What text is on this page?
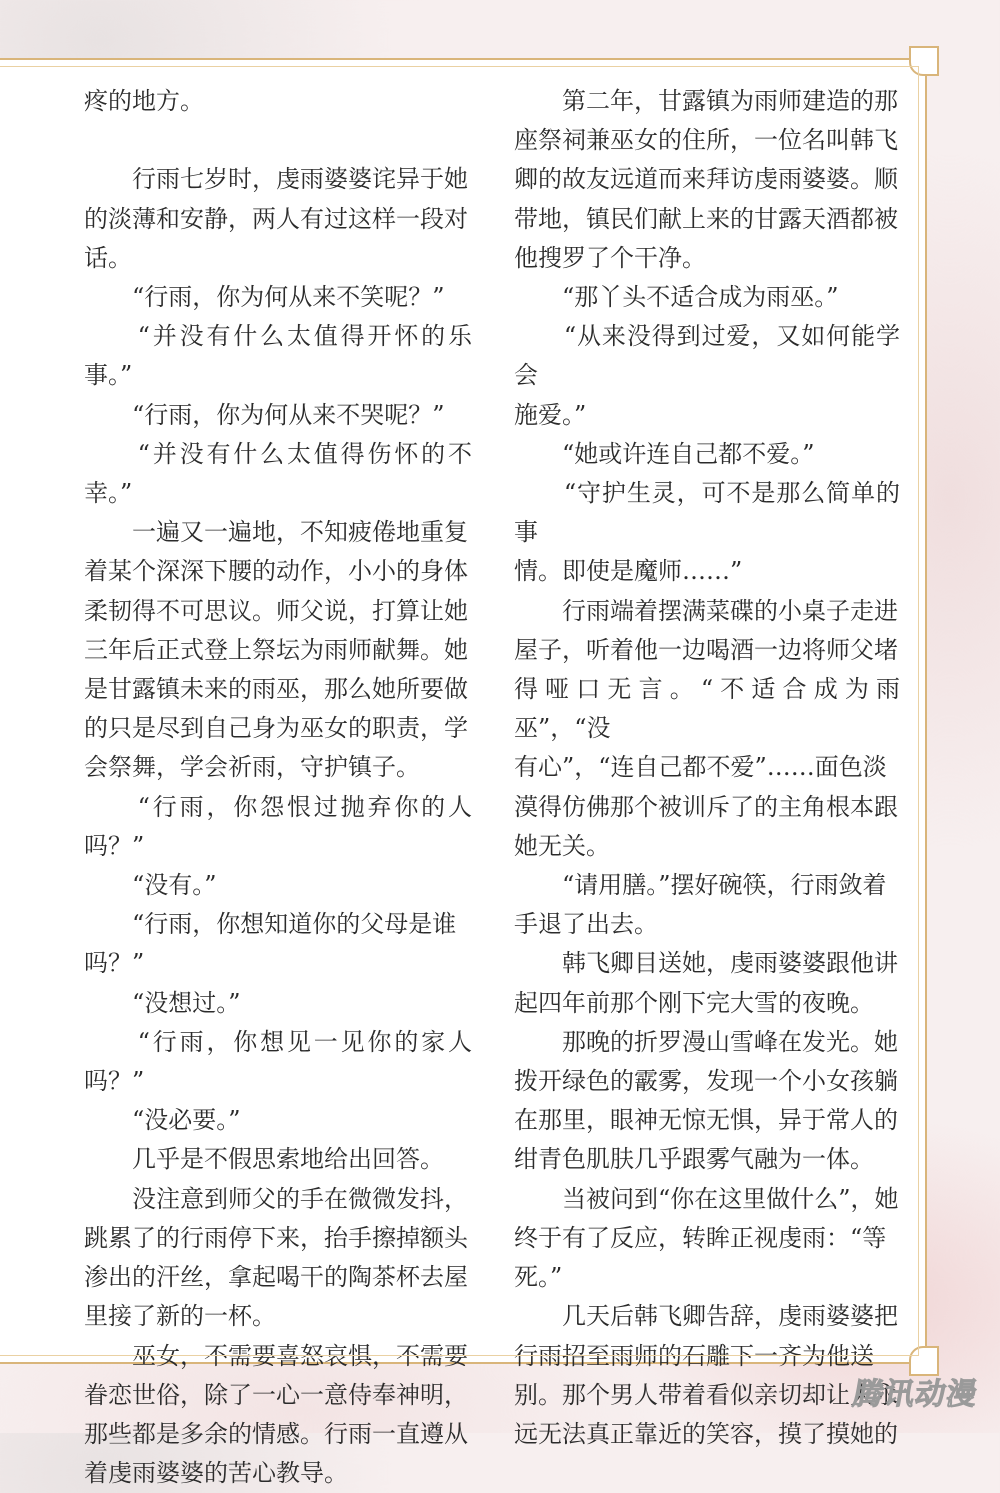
疼的地方。

　　行雨七岁时，虔雨婆婆诧异于她

的淡薄和安静，两人有过这样一段对

话。

　　“行雨，你为何从来不笑呢？”

　　“并没有什么太值得开怀的乐事。”

　　“行雨，你为何从来不哭呢？”

　　“并没有什么太值得伤怀的不幸。”

　　一遍又一遍地，不知疲倦地重复

着某个深深下腰的动作，小小的身体

柔韧得不可思议。师父说，打算让她

三年后正式登上祭坛为雨师献舞。她

是甘露镇未来的雨巫，那么她所要做

的只是尽到自己身为巫女的职责，学

会祭舞，学会祈雨，守护镇子。

　　“行雨，你怨恨过抛弃你的人吗？”

　　“没有。”

　　“行雨，你想知道你的父母是谁

吗？”

　　“没想过。”

　　“行雨，你想见一见你的家人吗？”

　　“没必要。”

　　几乎是不假思索地给出回答。

　　没注意到师父的手在微微发抖，

跳累了的行雨停下来，抬手擦掉额头

渗出的汗丝，拿起喝干的陶茶杯去屋

里接了新的一杯。

　　巫女，不需要喜怒哀惧，不需要

眷恋世俗，除了一心一意侍奉神明，

那些都是多余的情感。行雨一直遵从

着虔雨婆婆的苦心教导。

　　第二年，甘露镇为雨师建造的那

座祭祠兼巫女的住所，一位名叫韩飞

卿的故友远道而来拜访虔雨婆婆。顺

带地，镇民们献上来的甘露天酒都被

他搜罗了个干净。

　　“那丫头不适合成为雨巫。”

　　“从来没得到过爱，又如何能学会

施爱。”

　　“她或许连自己都不爱。”

　　“守护生灵，可不是那么简单的事

情。即使是魔师……”

　　行雨端着摆满菜碟的小桌子走进

屋子，听着他一边喝酒一边将师父堵

得哑口无言。“不适合成为雨巫”，“没

有心”，“连自己都不爱”……面色淡

漠得仿佛那个被训斥了的主角根本跟

她无关。

　　“请用膳。”摆好碗筷，行雨敛着

手退了出去。

　　韩飞卿目送她，虔雨婆婆跟他讲

起四年前那个刚下完大雪的夜晚。

　　那晚的折罗漫山雪峰在发光。她

拨开绿色的霰雾，发现一个小女孩躺

在那里，眼神无惊无惧，异于常人的

绀青色肌肤几乎跟雾气融为一体。

　　当被问到“你在这里做什么”，她

终于有了反应，转眸正视虔雨：“等

死。”

　　几天后韩飞卿告辞，虔雨婆婆把

行雨招至雨师的石雕下一齐为他送

别。那个男人带着看似亲切却让人永

远无法真正靠近的笑容，摸了摸她的

腾讯动漫
